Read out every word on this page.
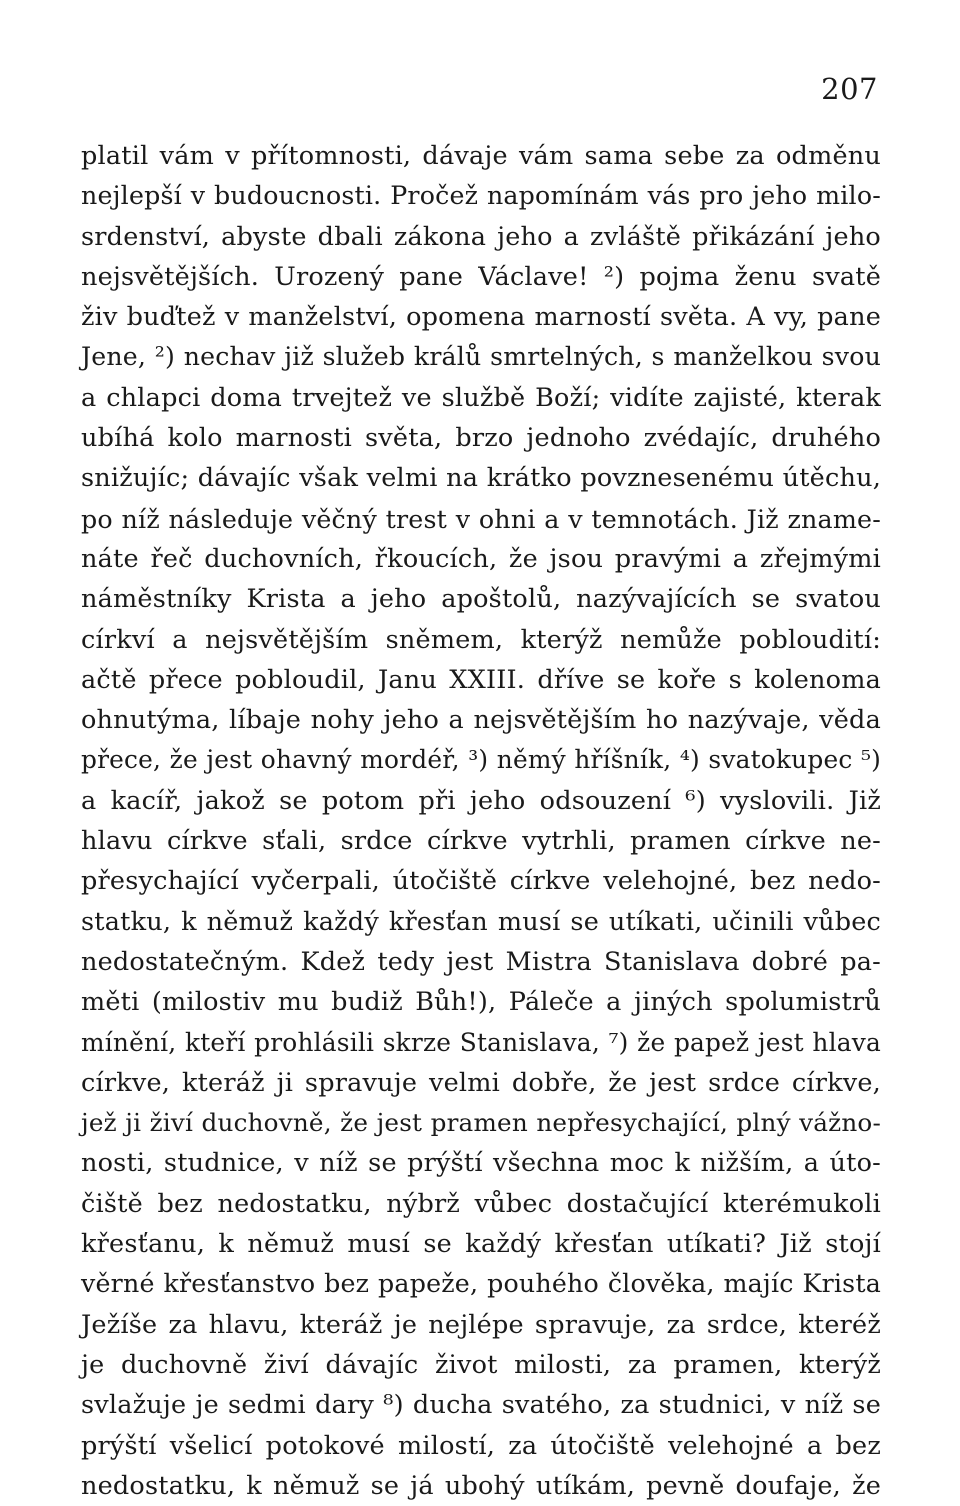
207
platil vám v přítomnosti, dávaje vám sama sebe za odměnu
nejlepší v budoucnosti. Pročež napomínám vás pro jeho milo-
srdenství, abyste dbali zákona jeho a zvláště přikázání jeho
nejsvětějších. Urozený pane Václave! ²) pojma ženu svatě
živ buďtež v manželství, opomena marností světa. A vy, pane
Jene, ²) nechav již služeb králů smrtelných, s manželkou svou
a chlapci doma trvejtež ve službě Boží; vidíte zajisté, kterak
ubíhá kolo marnosti světa, brzo jednoho zvédajíc, druhého
snižujíc; dávajíc však velmi na krátko povznesenému útěchu,
po níž následuje věčný trest v ohni a v temnotách. Již zname-
náte řeč duchovních, řkoucích, že jsou pravými a zřejmými
náměstníky Krista a jeho apoštolů, nazývajících se svatou
církví a nejsvětějším sněmem, kterýž nemůže pobloudití:
ačtě přece pobloudil, Janu XXIII. dříve se koře s kolenoma
ohnutýma, líbaje nohy jeho a nejsvětějším ho nazývaje, věda
přece, že jest ohavný mordéř, ³) němý hříšník, ⁴) svatokupec ⁵)
a kacíř, jakož se potom při jeho odsouzení ⁶) vyslovili. Již
hlavu církve sťali, srdce církve vytrhli, pramen církve ne-
přesychající vyčerpali, útočiště církve velehojné, bez nedo-
statku, k němuž každý křesťan musí se utíkati, učinili vůbec
nedostatečným. Kdež tedy jest Mistra Stanislava dobré pa-
měti (milostiv mu budiž Bůh!), Páleče a jiných spolumistrů
mínění, kteří prohlásili skrze Stanislava, ⁷) že papež jest hlava
církve, kteráž ji spravuje velmi dobře, že jest srdce církve,
jež ji živí duchovně, že jest pramen nepřesychající, plný vážno-
nosti, studnice, v níž se prýští všechna moc k nižším, a úto-
čiště bez nedostatku, nýbrž vůbec dostačující kterémukoli
křesťanu, k němuž musí se každý křesťan utíkati? Již stojí
věrné křesťanstvo bez papeže, pouhého člověka, majíc Krista
Ježíše za hlavu, kteráž je nejlépe spravuje, za srdce, kteréž
je duchovně živí dávajíc život milosti, za pramen, kterýž
svlažuje je sedmi dary ⁸) ducha svatého, za studnici, v níž se
prýští všelicí potokové milostí, za útočiště velehojné a bez
nedostatku, k němuž se já ubohý utíkám, pevně doufaje, že
